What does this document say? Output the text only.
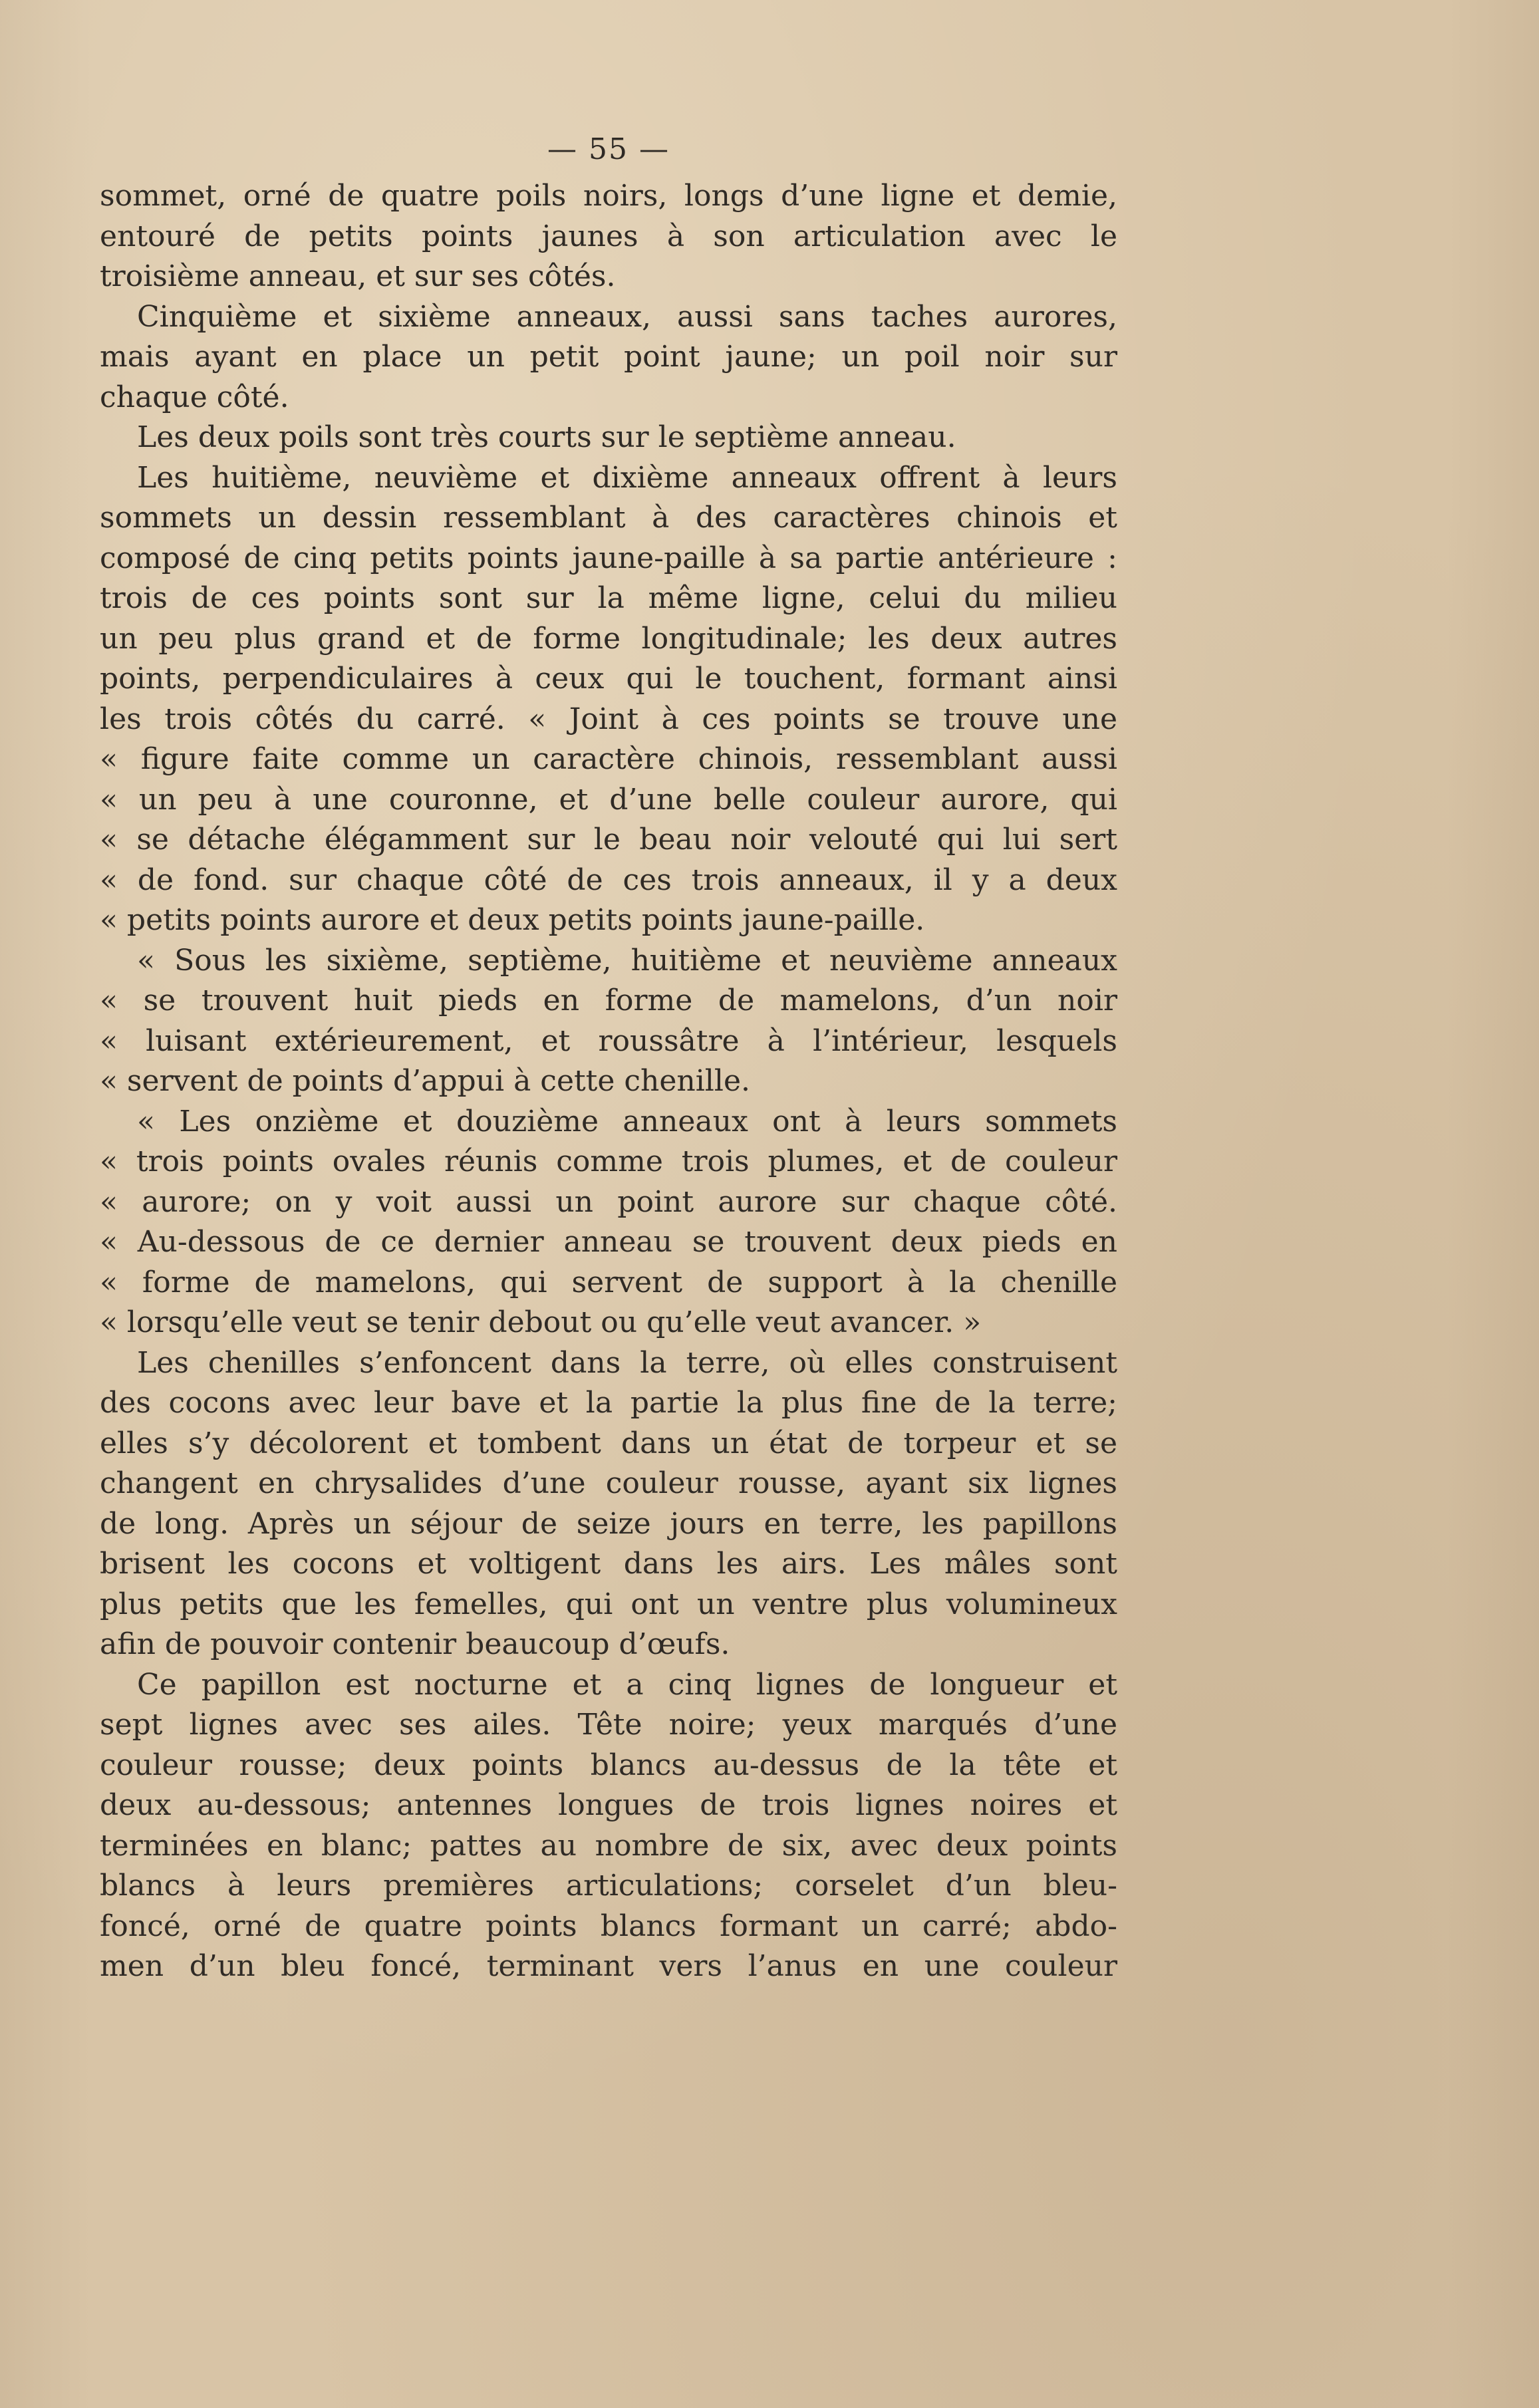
— 55 —
sommet, orné de quatre poils noirs, longs d’une ligne et demie,
entouré de petits points jaunes à son articulation avec le
troisième anneau, et sur ses côtés.
Cinquième et sixième anneaux, aussi sans taches aurores,
mais ayant en place un petit point jaune; un poil noir sur
chaque côté.
Les deux poils sont très courts sur le septième anneau.
Les huitième, neuvième et dixième anneaux offrent à leurs
sommets un dessin ressemblant à des caractères chinois et
composé de cinq petits points jaune-paille à sa partie antérieure :
trois de ces points sont sur la même ligne, celui du milieu
un peu plus grand et de forme longitudinale; les deux autres
points, perpendiculaires à ceux qui le touchent, formant ainsi
les trois côtés du carré. « Joint à ces points se trouve une
« figure faite comme un caractère chinois, ressemblant aussi
« un peu à une couronne, et d’une belle couleur aurore, qui
« se détache élégamment sur le beau noir velouté qui lui sert
« de fond. sur chaque côté de ces trois anneaux, il y a deux
« petits points aurore et deux petits points jaune-paille.
« Sous les sixième, septième, huitième et neuvième anneaux
« se trouvent huit pieds en forme de mamelons, d’un noir
« luisant extérieurement, et roussâtre à l’intérieur, lesquels
« servent de points d’appui à cette chenille.
« Les onzième et douzième anneaux ont à leurs sommets
« trois points ovales réunis comme trois plumes, et de couleur
« aurore; on y voit aussi un point aurore sur chaque côté.
« Au-dessous de ce dernier anneau se trouvent deux pieds en
« forme de mamelons, qui servent de support à la chenille
« lorsqu’elle veut se tenir debout ou qu’elle veut avancer. »
Les chenilles s’enfoncent dans la terre, où elles construisent
des cocons avec leur bave et la partie la plus fine de la terre;
elles s’y décolorent et tombent dans un état de torpeur et se
changent en chrysalides d’une couleur rousse, ayant six lignes
de long. Après un séjour de seize jours en terre, les papillons
brisent les cocons et voltigent dans les airs. Les mâles sont
plus petits que les femelles, qui ont un ventre plus volumineux
afin de pouvoir contenir beaucoup d’œufs.
Ce papillon est nocturne et a cinq lignes de longueur et
sept lignes avec ses ailes. Tête noire; yeux marqués d’une
couleur rousse; deux points blancs au-dessus de la tête et
deux au-dessous; antennes longues de trois lignes noires et
terminées en blanc; pattes au nombre de six, avec deux points
blancs à leurs premières articulations; corselet d’un bleu-
foncé, orné de quatre points blancs formant un carré; abdo-
men d’un bleu foncé, terminant vers l’anus en une couleur
